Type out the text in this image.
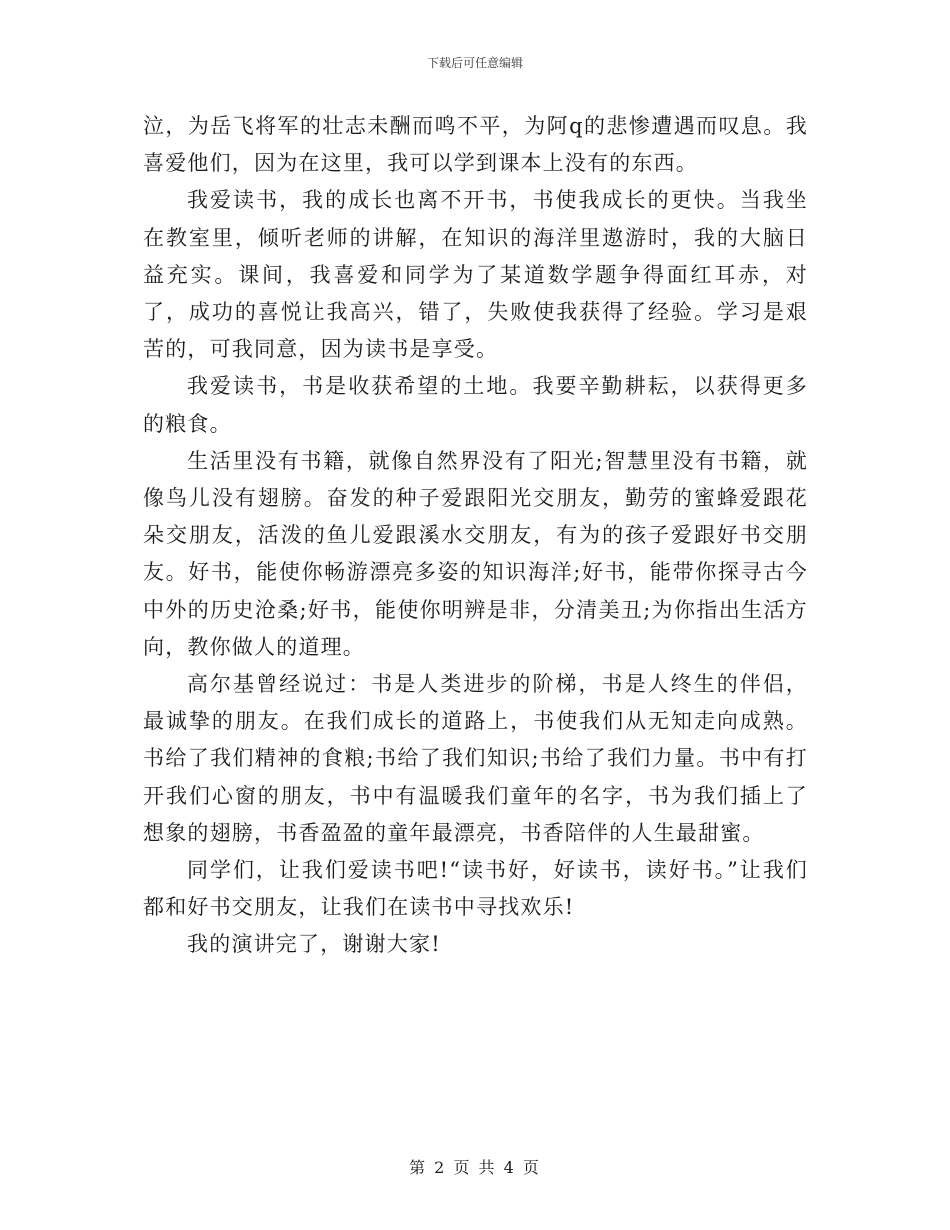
下载后可任意编辑

泣，为岳飞将军的壮志未酬而鸣不平，为阿q的悲惨遭遇而叹息。我喜爱他们，因为在这里，我可以学到课本上没有的东西。

我爱读书，我的成长也离不开书，书使我成长的更快。当我坐在教室里，倾听老师的讲解，在知识的海洋里遨游时，我的大脑日益充实。课间，我喜爱和同学为了某道数学题争得面红耳赤，对了，成功的喜悦让我高兴，错了，失败使我获得了经验。学习是艰苦的，可我同意，因为读书是享受。

我爱读书，书是收获希望的土地。我要辛勤耕耘，以获得更多的粮食。

生活里没有书籍，就像自然界没有了阳光;智慧里没有书籍，就像鸟儿没有翅膀。奋发的种子爱跟阳光交朋友，勤劳的蜜蜂爱跟花朵交朋友，活泼的鱼儿爱跟溪水交朋友，有为的孩子爱跟好书交朋友。好书，能使你畅游漂亮多姿的知识海洋;好书，能带你探寻古今中外的历史沧桑;好书，能使你明辨是非，分清美丑;为你指出生活方向，教你做人的道理。

高尔基曾经说过：书是人类进步的阶梯，书是人终生的伴侣，最诚挚的朋友。在我们成长的道路上，书使我们从无知走向成熟。书给了我们精神的食粮;书给了我们知识;书给了我们力量。书中有打开我们心窗的朋友，书中有温暖我们童年的名字，书为我们插上了想象的翅膀，书香盈盈的童年最漂亮，书香陪伴的人生最甜蜜。

同学们，让我们爱读书吧!“读书好，好读书，读好书。”让我们都和好书交朋友，让我们在读书中寻找欢乐!

我的演讲完了，谢谢大家!

第 2 页 共 4 页
